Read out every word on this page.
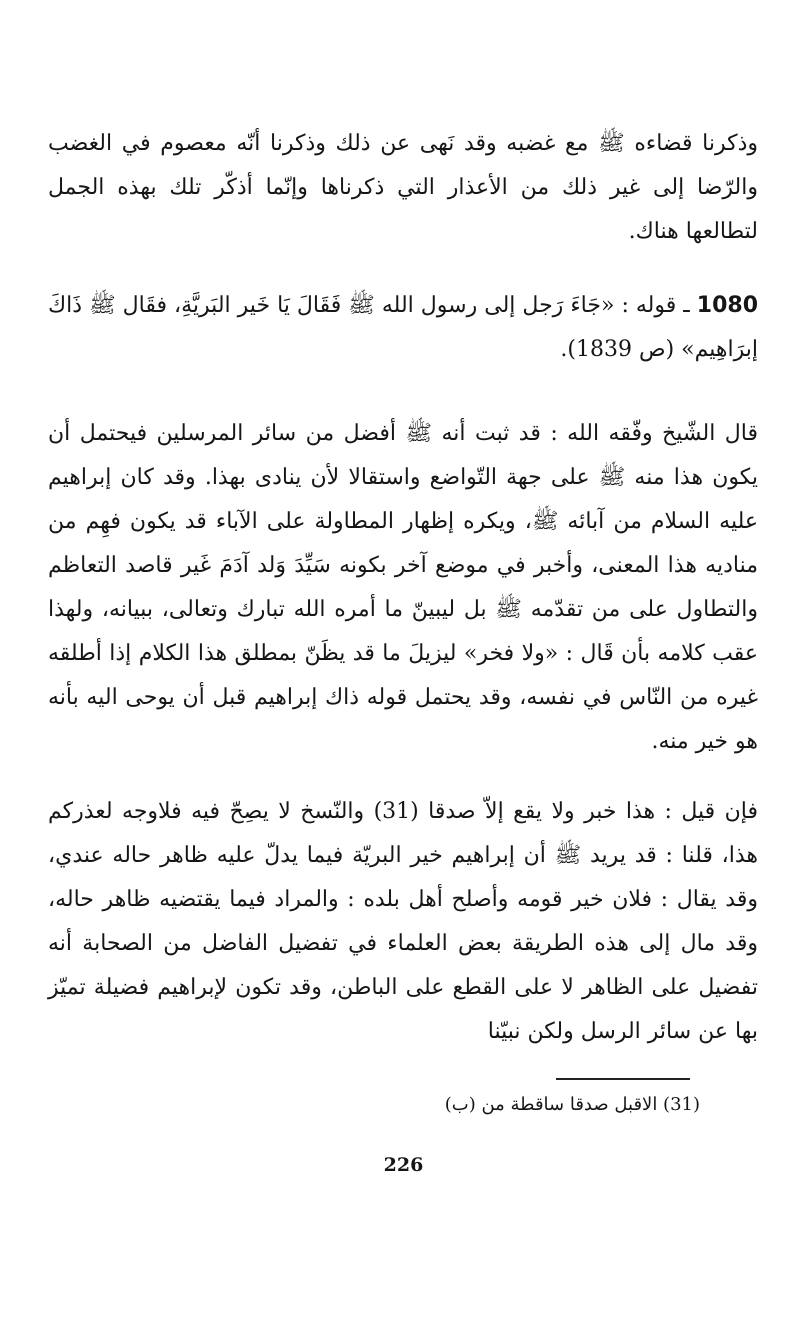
وذكرنا قضاءه ﷺ مع غضبه وقد نَهى عن ذلك وذكرنا أنّه معصوم في الغضب والرّضا إلى غير ذلك من الأعذار التي ذكرناها وإنّما أذكّر تلك بهذه الجمل لتطالعها هناك.

1080 ـ قوله : «جَاءَ رَجل إلى رسول الله ﷺ فَقَالَ يَا خَير البَريَّةِ، فقَال ﷺ ذَاكَ إبرَاهِيم» (ص 1839).

قال الشّيخ وفّقه الله : قد ثبت أنه ﷺ أفضل من سائر المرسلين فيحتمل أن يكون هذا منه ﷺ على جهة التّواضع واستقالا لأن ينادى بهذا. وقد كان إبراهيم عليه السلام من آبائه ﷺ، ويكره إظهار المطاولة على الآباء قد يكون فهِم من مناديه هذا المعنى، وأخبر في موضع آخر بكونه سَيِّدَ وَلد آدَمَ غَير قاصد التعاظم والتطاول على من تقدّمه ﷺ بل ليبينّ ما أمره الله تبارك وتعالى، ببيانه، ولهذا عقب كلامه بأن قَال : «ولا فخر» ليزيلَ ما قد يظَنّ بمطلق هذا الكلام إذا أطلقه غيره من النّاس في نفسه، وقد يحتمل قوله ذاك إبراهيم قبل أن يوحى اليه بأنه هو خير منه.

فإن قيل : هذا خبر ولا يقع إلاّ صدقا (31) والنّسخ لا يصِحّ فيه فلاوجه لعذركم هذا، قلنا : قد يريد ﷺ أن إبراهيم خير البريّة فيما يدلّ عليه ظاهر حاله عندي، وقد يقال : فلان خير قومه وأصلح أهل بلده : والمراد فيما يقتضيه ظاهر حاله، وقد مال إلى هذه الطريقة بعض العلماء في تفضيل الفاضل من الصحابة أنه تفضيل على الظاهر لا على القطع على الباطن، وقد تكون لإبراهيم فضيلة تميّز بها عن سائر الرسل ولكن نبيّنا

(31) الاقبل صدقا ساقطة من (ب)
226
